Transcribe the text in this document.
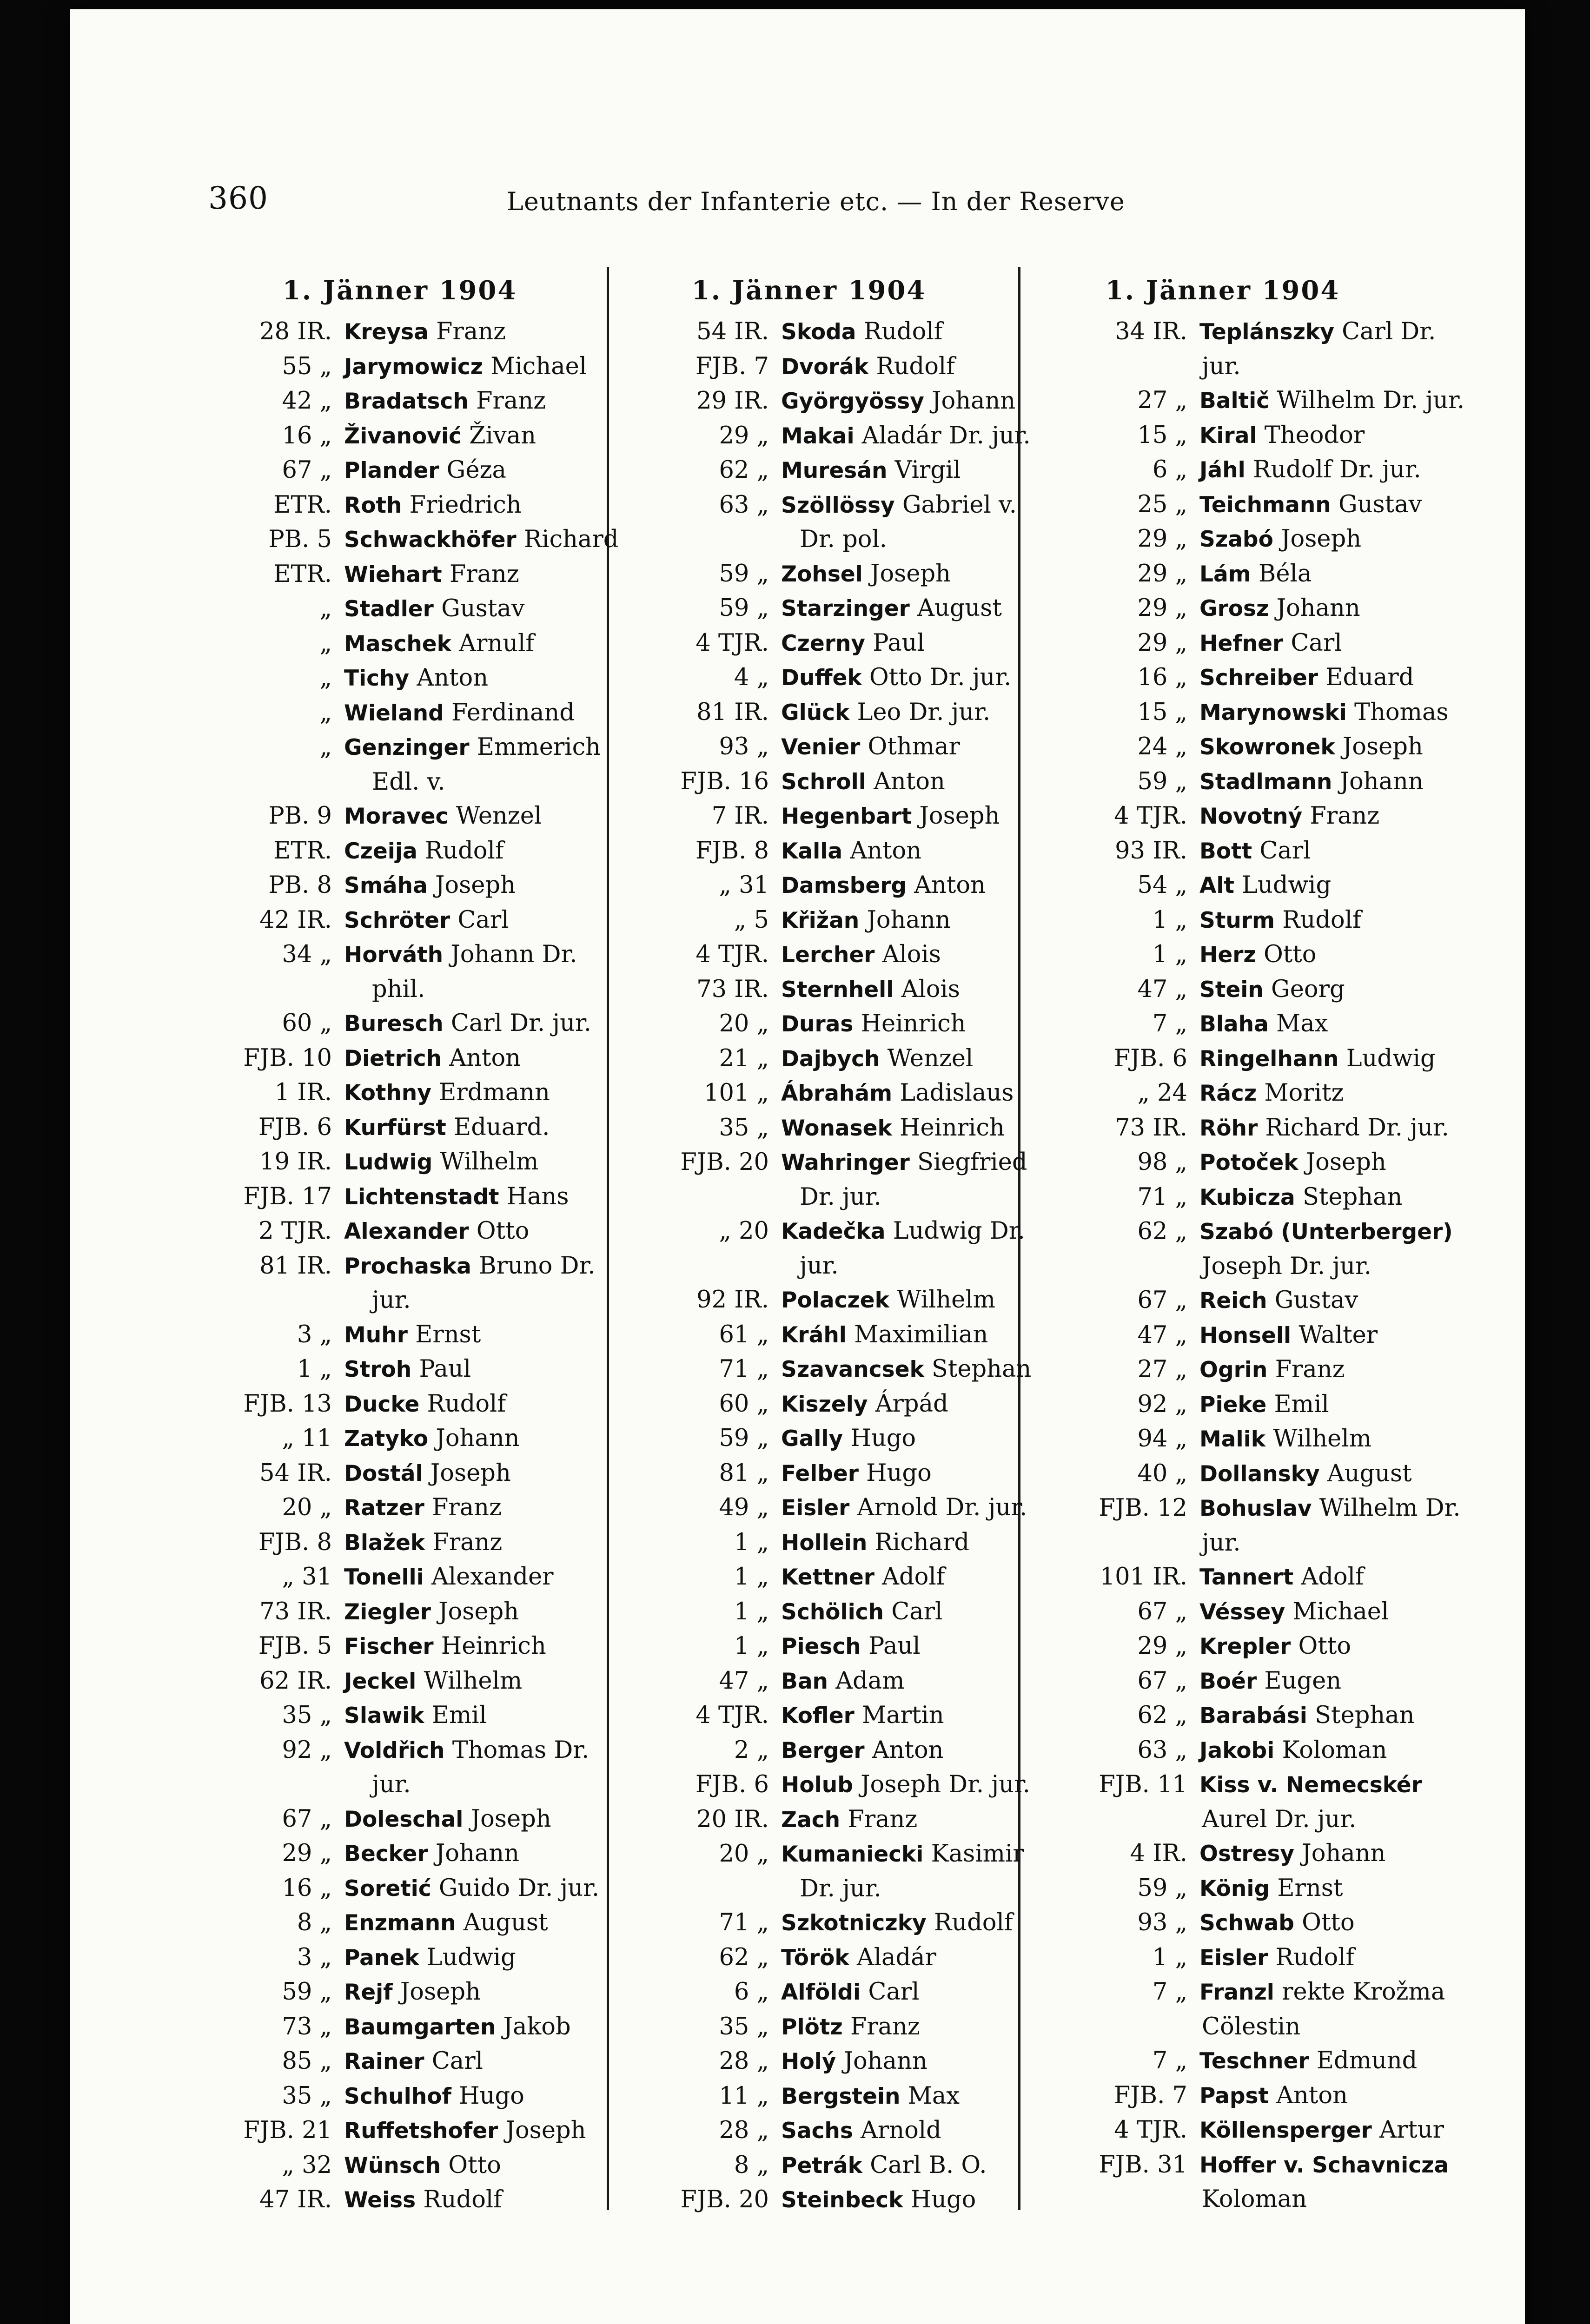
360	Leutnants der Infanterie etc. — In der Reserve
1. Jänner 1904
28 IR. Kreysa Franz
55 „ Jarymowicz Michael
42 „ Bradatsch Franz
16 „ Živanović Živan
67 „ Plander Géza
ETR. Roth Friedrich
PB. 5 Schwackhöfer Richard
ETR. Wiehart Franz
„ Stadler Gustav
„ Maschek Arnulf
„ Tichy Anton
„ Wieland Ferdinand
„ Genzinger Emmerich
Edl. v.
PB. 9 Moravec Wenzel
ETR. Czeija Rudolf
PB. 8 Smáha Joseph
42 IR. Schröter Carl
34 „ Horváth Johann Dr.
phil.
60 „ Buresch Carl Dr. jur.
FJB. 10 Dietrich Anton
1 IR. Kothny Erdmann
FJB. 6 Kurfürst Eduard.
19 IR. Ludwig Wilhelm
FJB. 17 Lichtenstadt Hans
2 TJR. Alexander Otto
81 IR. Prochaska Bruno Dr.
jur.
3 „ Muhr Ernst
1 „ Stroh Paul
FJB. 13 Ducke Rudolf
„ 11 Zatyko Johann
54 IR. Dostál Joseph
20 „ Ratzer Franz
FJB. 8 Blažek Franz
„ 31 Tonelli Alexander
73 IR. Ziegler Joseph
FJB. 5 Fischer Heinrich
62 IR. Jeckel Wilhelm
35 „ Slawik Emil
92 „ Voldřich Thomas Dr.
jur.
67 „ Doleschal Joseph
29 „ Becker Johann
16 „ Soretić Guido Dr. jur.
8 „ Enzmann August
3 „ Panek Ludwig
59 „ Rejf Joseph
73 „ Baumgarten Jakob
85 „ Rainer Carl
35 „ Schulhof Hugo
FJB. 21 Ruffetshofer Joseph
„ 32 Wünsch Otto
47 IR. Weiss Rudolf
1. Jänner 1904
54 IR. Skoda Rudolf
FJB. 7 Dvorák Rudolf
29 IR. Györgyössy Johann
29 „ Makai Aladár Dr. jur.
62 „ Muresán Virgil
63 „ Szöllössy Gabriel v.
Dr. pol.
59 „ Zohsel Joseph
59 „ Starzinger August
4 TJR. Czerny Paul
4 „ Duffek Otto Dr. jur.
81 IR. Glück Leo Dr. jur.
93 „ Venier Othmar
FJB. 16 Schroll Anton
7 IR. Hegenbart Joseph
FJB. 8 Kalla Anton
„ 31 Damsberg Anton
„ 5 Křižan Johann
4 TJR. Lercher Alois
73 IR. Sternhell Alois
20 „ Duras Heinrich
21 „ Dajbych Wenzel
101 „ Ábrahám Ladislaus
35 „ Wonasek Heinrich
FJB. 20 Wahringer Siegfried
Dr. jur.
„ 20 Kadečka Ludwig Dr.
jur.
92 IR. Polaczek Wilhelm
61 „ Kráhl Maximilian
71 „ Szavancsek Stephan
60 „ Kiszely Árpád
59 „ Gally Hugo
81 „ Felber Hugo
49 „ Eisler Arnold Dr. jur.
1 „ Hollein Richard
1 „ Kettner Adolf
1 „ Schölich Carl
1 „ Piesch Paul
47 „ Ban Adam
4 TJR. Kofler Martin
2 „ Berger Anton
FJB. 6 Holub Joseph Dr. jur.
20 IR. Zach Franz
20 „ Kumaniecki Kasimir
Dr. jur.
71 „ Szkotniczky Rudolf
62 „ Török Aladár
6 „ Alföldi Carl
35 „ Plötz Franz
28 „ Holý Johann
11 „ Bergstein Max
28 „ Sachs Arnold
8 „ Petrák Carl B. O.
FJB. 20 Steinbeck Hugo
1. Jänner 1904
34 IR. Teplánszky Carl Dr.
jur.
27 „ Baltič Wilhelm Dr. jur.
15 „ Kiral Theodor
6 „ Jáhl Rudolf Dr. jur.
25 „ Teichmann Gustav
29 „ Szabó Joseph
29 „ Lám Béla
29 „ Grosz Johann
29 „ Hefner Carl
16 „ Schreiber Eduard
15 „ Marynowski Thomas
24 „ Skowronek Joseph
59 „ Stadlmann Johann
4 TJR. Novotný Franz
93 IR. Bott Carl
54 „ Alt Ludwig
1 „ Sturm Rudolf
1 „ Herz Otto
47 „ Stein Georg
7 „ Blaha Max
FJB. 6 Ringelhann Ludwig
„ 24 Rácz Moritz
73 IR. Röhr Richard Dr. jur.
98 „ Potoček Joseph
71 „ Kubicza Stephan
62 „ Szabó (Unterberger)
Joseph Dr. jur.
67 „ Reich Gustav
47 „ Honsell Walter
27 „ Ogrin Franz
92 „ Pieke Emil
94 „ Malik Wilhelm
40 „ Dollansky August
FJB. 12 Bohuslav Wilhelm Dr.
jur.
101 IR. Tannert Adolf
67 „ Véssey Michael
29 „ Krepler Otto
67 „ Boér Eugen
62 „ Barabási Stephan
63 „ Jakobi Koloman
FJB. 11 Kiss v. Nemecskér
Aurel Dr. jur.
4 IR. Ostresy Johann
59 „ König Ernst
93 „ Schwab Otto
1 „ Eisler Rudolf
7 „ Franzl rekte Krožma
Cölestin
7 „ Teschner Edmund
FJB. 7 Papst Anton
4 TJR. Köllensperger Artur
FJB. 31 Hoffer v. Schavnicza
Koloman
